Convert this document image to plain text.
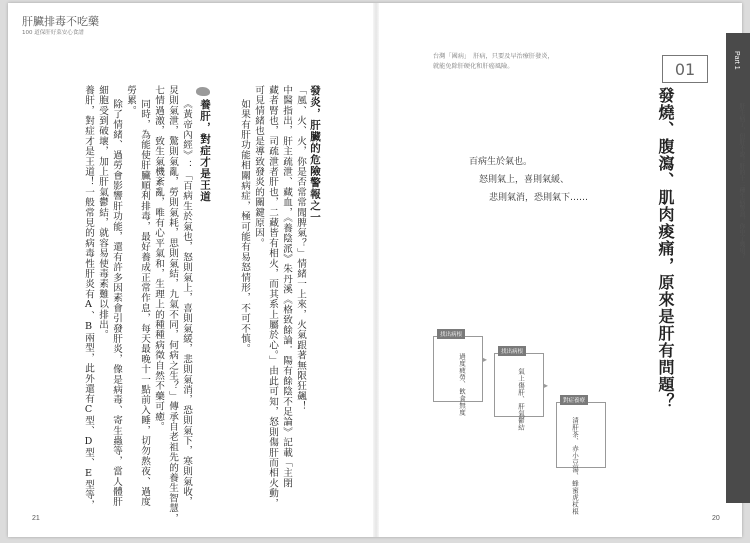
肝臟排毒不吃藥
100 道保肝好菜安心食譜
發炎，肝臟的危險警報之一
「風、火、火，你是否常常聞脾氣？」情緒一上來，火氣跟著無限狂飆！
中醫指出，肝主疏泄、藏血，《養陰派》朱丹溪《格致餘論．陽有餘陰不足論》記載「主閉
藏者腎也，司疏泄者肝也，二藏皆有相火，而其系上屬於心。」由此可知，怒則傷肝而相火動，
可見情緒也是導致發炎的關鍵原因。
如果有肝功能相關病症，極可能有易怒情形，不可不慎。
養肝，對症才是王道
《黃帝內經》：「百病生於氣也，怒則氣上，喜則氣緩，悲則氣消，恐則氣下，寒則氣收，
炅則氣泄，驚則氣亂，勞則氣耗，思則氣結，九氣不同，何病之生？」傳承自老祖先的養生智慧，
七情過激，致生氣機紊亂，唯有心平氣和，生理上的種種病徵自然不藥可癒。
同時，為能使肝臟順利排毒，最好養成正常作息，每天最晚十一點前入睡，切勿熬夜、過度
勞累。
除了情緒、過勞會影響肝功能，還有許多因素會引發肝炎，像是病毒、寄生蟲等，當人體肝
細胞受到破壞，加上肝氣鬱結，就容易使毒素難以排出。
養肝，對症才是王道！一般常見的病毒性肝炎有A、B兩型，此外還有C型、D型、E型等，
21
台灣「國病」　肝病，只要及早治療肝發炎，
就能免除肝硬化和肝癌風險。	Part 1
肝生病了，但肝不說！肝的十二種生病警訊，你中了幾項？
01
發燒、腹瀉、肌肉痠痛，原來是肝有問題？
百病生於氣也。
怒則氣上，喜則氣緩、
悲則氣消，恐則氣下……
過度疲勞、飲食無度
找出病根
▸
氣上傷肝、肝氣鬱結
找出病根
▸
清肝茶、赤小豆湯、蜂蜜虎杖根
對症養療
20
